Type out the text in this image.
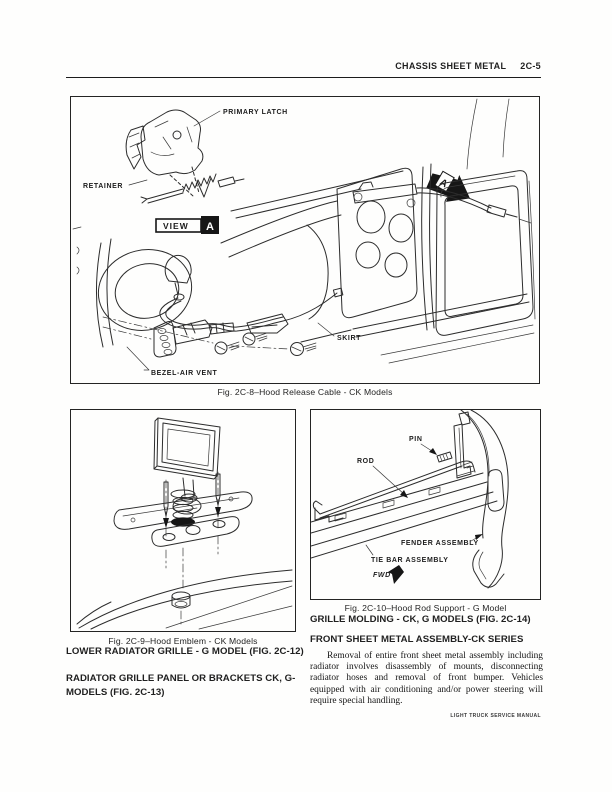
CHASSIS SHEET METAL 2C-5
PRIMARY LATCH
RETAINER
VIEW A
A
BEZEL-AIR VENT
SKIRT
Fig. 2C-8–Hood Release Cable - CK Models
Fig. 2C-9–Hood Emblem - CK Models
PIN
ROD
FENDER ASSEMBLY
TIE BAR ASSEMBLY
FWD
Fig. 2C-10–Hood Rod Support - G Model

LOWER RADIATOR GRILLE - G MODEL (FIG. 2C-12)

RADIATOR GRILLE PANEL OR BRACKETS CK, G-MODELS (FIG. 2C-13)

GRILLE MOLDING - CK, G MODELS (FIG. 2C-14)

FRONT SHEET METAL ASSEMBLY-CK SERIES

Removal of entire front sheet metal assembly including radiator involves disassembly of mounts, disconnecting radiator hoses and removal of front bumper. Vehicles equipped with air conditioning and/or power steering will require special handling.

LIGHT TRUCK SERVICE MANUAL
